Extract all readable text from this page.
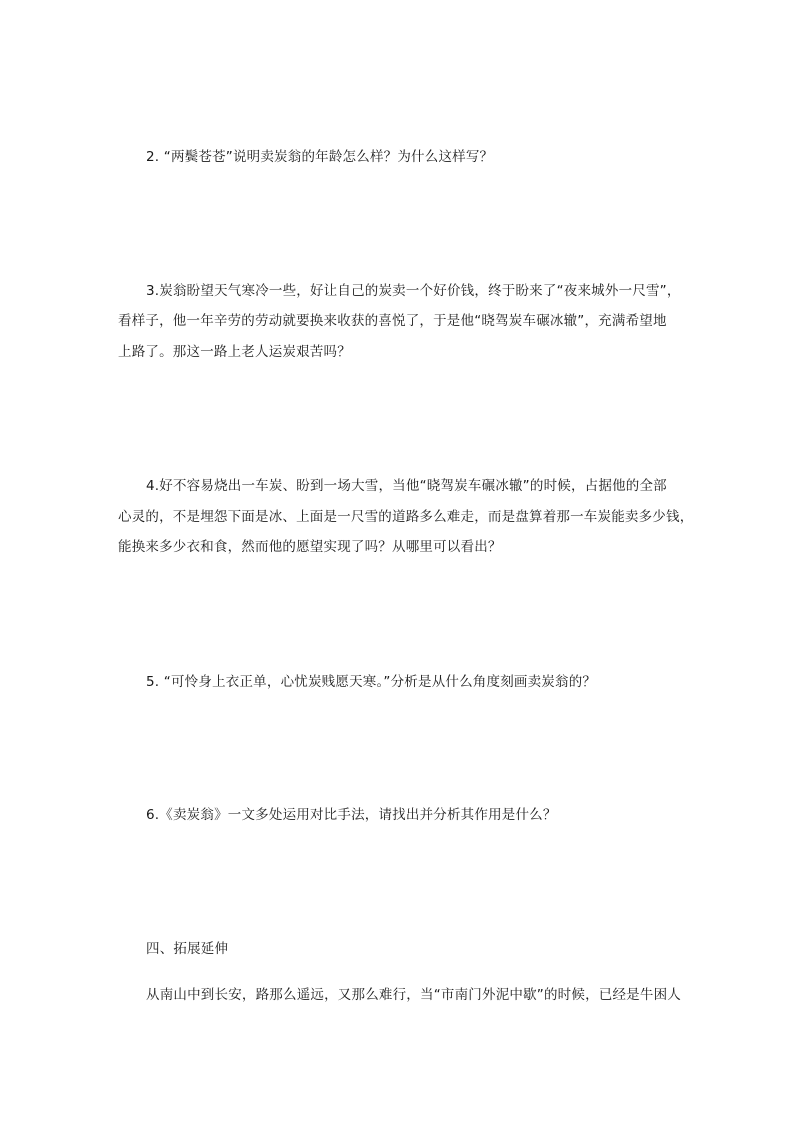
2. “两鬓苍苍”说明卖炭翁的年龄怎么样？为什么这样写？
3.炭翁盼望天气寒冷一些，好让自己的炭卖一个好价钱，终于盼来了“夜来城外一尺雪”，
看样子，他一年辛劳的劳动就要换来收获的喜悦了，于是他“晓驾炭车碾冰辙”，充满希望地
上路了。那这一路上老人运炭艰苦吗？
4.好不容易烧出一车炭、盼到一场大雪，当他“晓驾炭车碾冰辙”的时候，占据他的全部
心灵的，不是埋怨下面是冰、上面是一尺雪的道路多么难走，而是盘算着那一车炭能卖多少钱，
能换来多少衣和食，然而他的愿望实现了吗？从哪里可以看出？
5. “可怜身上衣正单，心忧炭贱愿天寒。”分析是从什么角度刻画卖炭翁的？
6.《卖炭翁》一文多处运用对比手法，请找出并分析其作用是什么？
四、拓展延伸
从南山中到长安，路那么遥远，又那么难行，当“市南门外泥中歇”的时候，已经是牛困人
